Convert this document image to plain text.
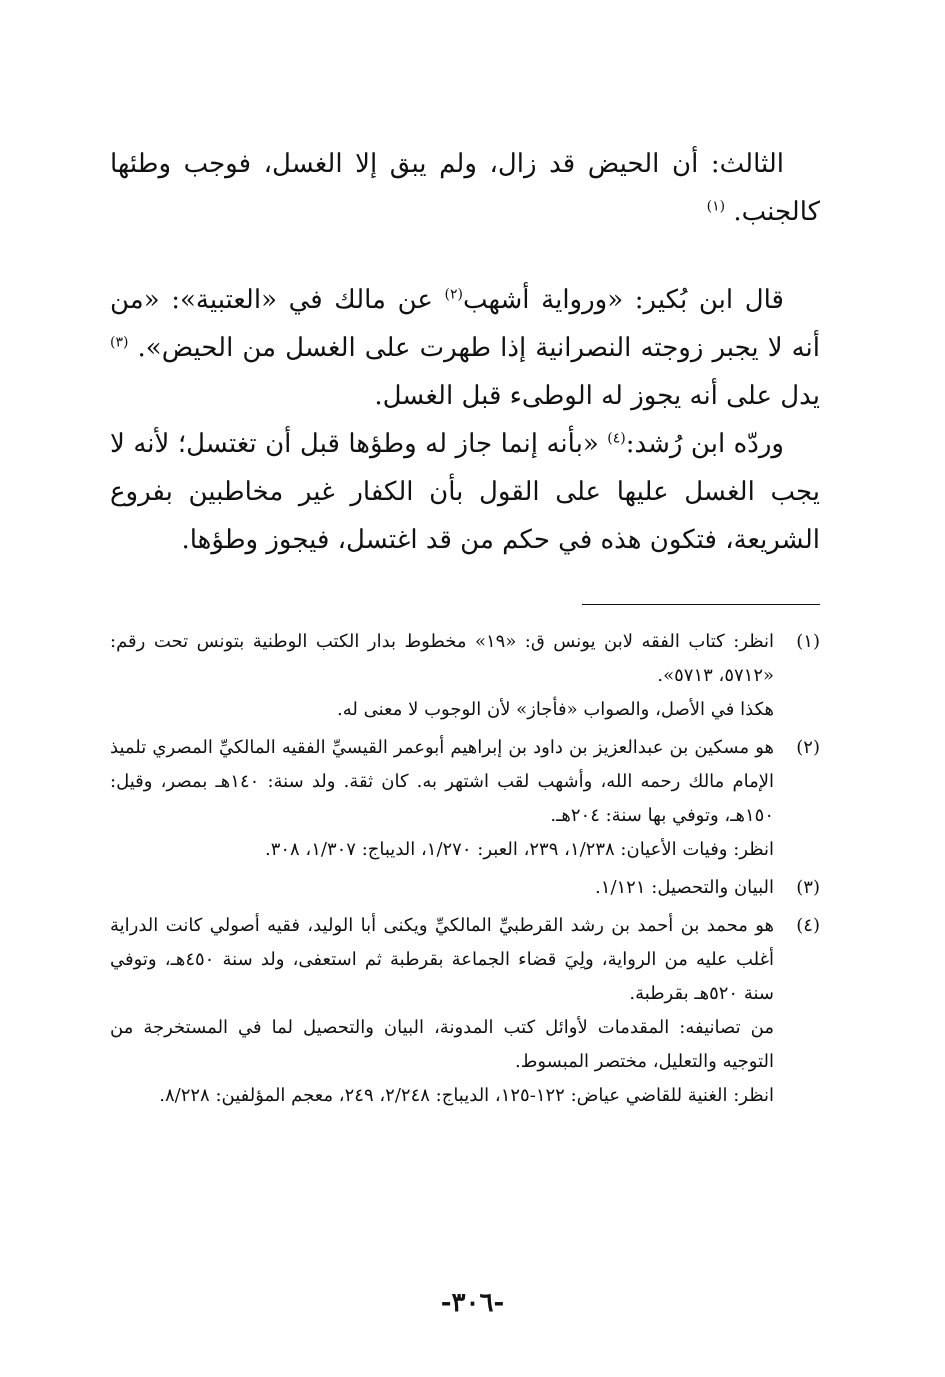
الثالث: أن الحيض قد زال، ولم يبق إلا الغسل، فوجب وطئها كالجنب. $^{(١)}$

قال ابن بُكير: «ورواية أشهب$^{(٢)}$ عن مالك في «العتبية»: «من أنه لا يجبر زوجته النصرانية إذا طهرت على الغسل من الحيض». $^{(٣)}$ يدل على أنه يجوز له الوطىء قبل الغسل.

وردّه ابن رُشد:$^{(٤)}$ «بأنه إنما جاز له وطؤها قبل أن تغتسل؛ لأنه لا يجب الغسل عليها على القول بأن الكفار غير مخاطبين بفروع الشريعة، فتكون هذه في حكم من قد اغتسل، فيجوز وطؤها.

(١)

انظر: كتاب الفقه لابن يونس ق: «١٩» مخطوط بدار الكتب الوطنية بتونس تحت رقم: «٥٧١٢، ٥٧١٣».

هكذا في الأصل، والصواب «فأجاز» لأن الوجوب لا معنى له.

(٢)

هو مسكين بن عبدالعزيز بن داود بن إبراهيم أبوعمر القيسيِّ الفقيه المالكيِّ المصري تلميذ الإمام مالك رحمه الله، وأشهب لقب اشتهر به. كان ثقة. ولد سنة: ١٤٠هـ بمصر، وقيل: ١٥٠هـ، وتوفي بها سنة: ٢٠٤هـ.

انظر: وفيات الأعيان: ١/٢٣٨، ٢٣٩، العبر: ١/٢٧٠، الديباج: ١/٣٠٧، ٣٠٨.

(٣)

البيان والتحصيل: ١/١٢١.

(٤)

هو محمد بن أحمد بن رشد القرطبيِّ المالكيِّ ويكنى أبا الوليد، فقيه أصولي كانت الدراية أغلب عليه من الرواية، ولِيَ قضاء الجماعة بقرطبة ثم استعفى، ولد سنة ٤٥٠هـ، وتوفي سنة ٥٢٠هـ بقرطبة.

من تصانيفه: المقدمات لأوائل كتب المدونة، البيان والتحصيل لما في المستخرجة من التوجيه والتعليل، مختصر المبسوط.

انظر: الغنية للقاضي عياض: ١٢٢-١٢٥، الديباج: ٢/٢٤٨، ٢٤٩، معجم المؤلفين: ٨/٢٢٨.

-٣٠٦-
